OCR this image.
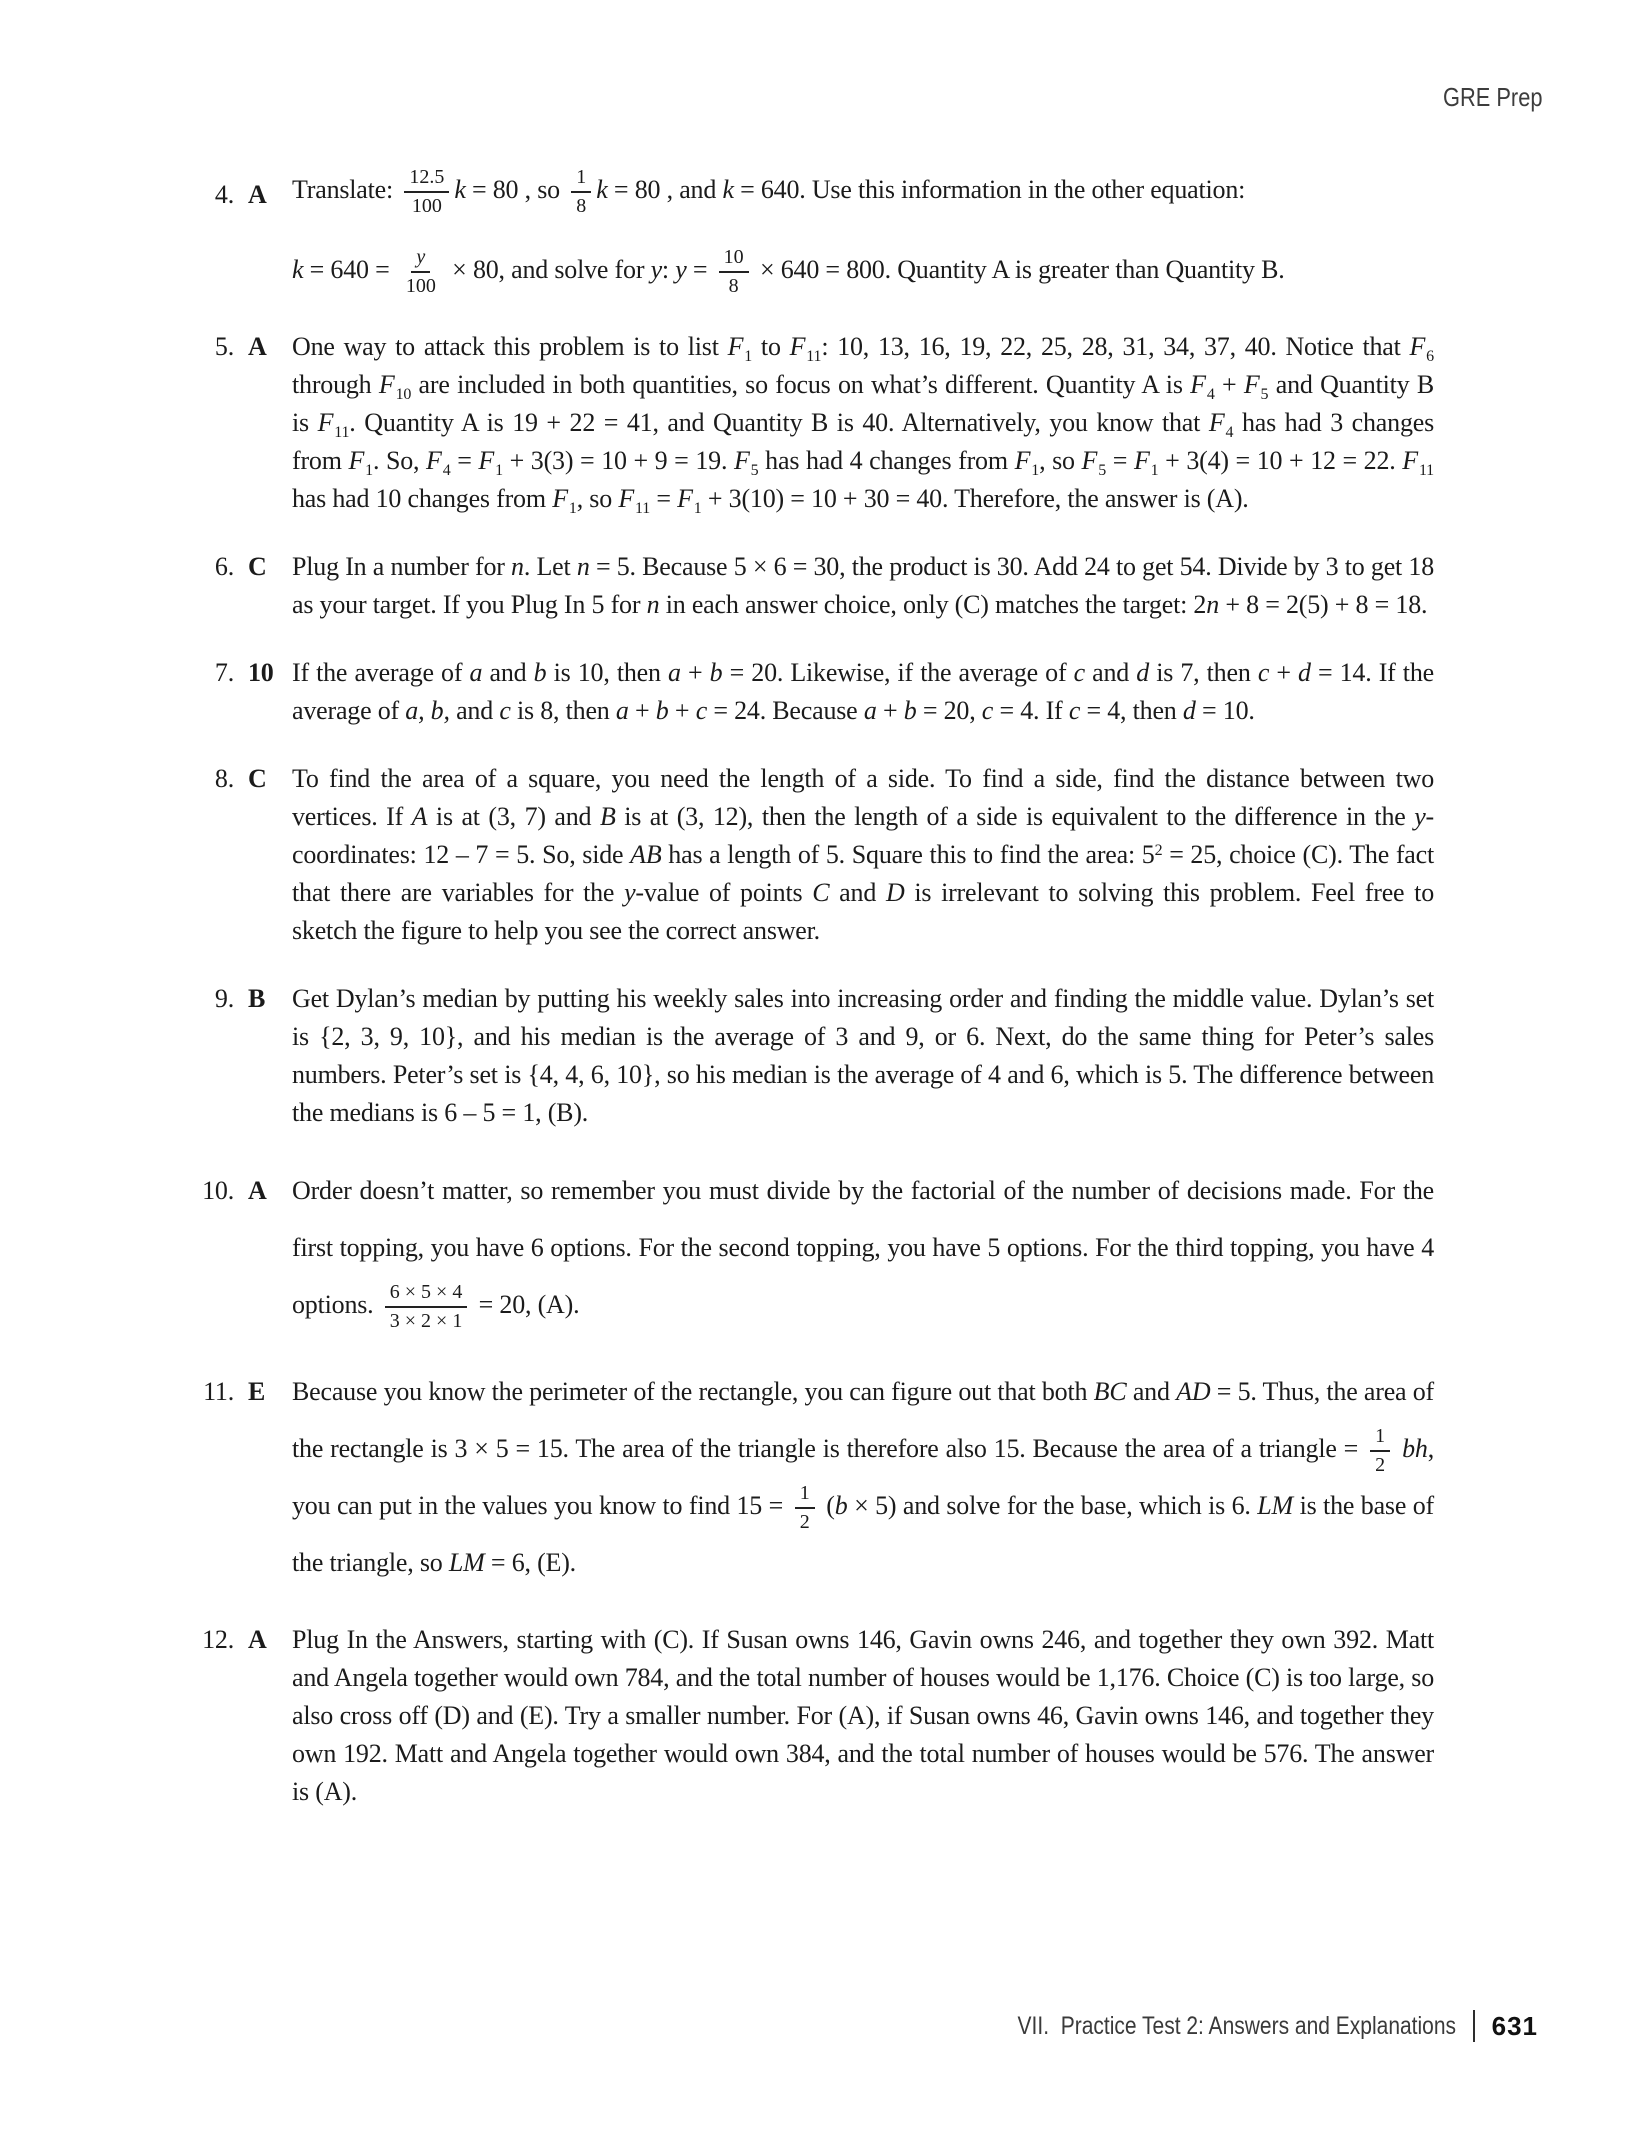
GRE Prep
4. A Translate: $\frac{12.5}{100}$ k = 80 , so $\frac{1}{8}$ k = 80 , and k = 640. Use this information in the other equation:

$k = 640 = \frac{y}{100} \times 80$, and solve for y: $y = \frac{10}{8} \times 640 = 800$. Quantity A is greater than Quantity B.

5. A One way to attack this problem is to list $F_1$ to $F_{11}$: 10, 13, 16, 19, 22, 25, 28, 31, 34, 37, 40. Notice that $F_6$ through $F_{10}$ are included in both quantities, so focus on what’s different. Quantity A is $F_4 + F_5$ and Quantity B is $F_{11}$. Quantity A is 19 + 22 = 41, and Quantity B is 40. Alternatively, you know that $F_4$ has had 3 changes from $F_1$. So, $F_4 = F_1 + 3(3) = 10 + 9 = 19$. $F_5$ has had 4 changes from $F_1$, so $F_5 = F_1 + 3(4) = 10 + 12 = 22$. $F_{11}$ has had 10 changes from $F_1$, so $F_{11} = F_1 + 3(10) = 10 + 30 = 40$. Therefore, the answer is (A).

6. C Plug In a number for n. Let n = 5. Because 5 × 6 = 30, the product is 30. Add 24 to get 54. Divide by 3 to get 18 as your target. If you Plug In 5 for n in each answer choice, only (C) matches the target: 2n + 8 = 2(5) + 8 = 18.

7. 10 If the average of a and b is 10, then a + b = 20. Likewise, if the average of c and d is 7, then c + d = 14. If the average of a, b, and c is 8, then a + b + c = 24. Because a + b = 20, c = 4. If c = 4, then d = 10.

8. C To find the area of a square, you need the length of a side. To find a side, find the distance between two vertices. If A is at (3, 7) and B is at (3, 12), then the length of a side is equivalent to the difference in the y-coordinates: 12 – 7 = 5. So, side AB has a length of 5. Square this to find the area: $5^2 = 25$, choice (C). The fact that there are variables for the y-value of points C and D is irrelevant to solving this problem. Feel free to sketch the figure to help you see the correct answer.

9. B	Get Dylan’s median by putting his weekly sales into increasing order and finding the middle value. Dylan’s set is {2, 3, 9, 10}, and his median is the average of 3 and 9, or 6. Next, do the same thing for Peter’s sales numbers. Peter’s set is {4, 4, 6, 10}, so his median is the average of 4 and 6, which is 5. The difference between the medians is 6 – 5 = 1, (B).

10. A Order doesn’t matter, so remember you must divide by the factorial of the number of decisions made. For the first topping, you have 6 options. For the second topping, you have 5 options. For the third topping, you have 4 options. $\frac{6 \times 5 \times 4}{3 \times 2 \times 1} = 20$, (A).

11. E	Because you know the perimeter of the rectangle, you can figure out that both BC and AD = 5. Thus, the area of the rectangle is 3 × 5 = 15. The area of the triangle is therefore also 15. Because the area of a triangle = $\frac{1}{2}$ bh, you can put in the values you know to find $15 = \frac{1}{2} (b \times 5)$ and solve for the base, which is 6. LM is the base of the triangle, so LM = 6, (E).

12. A Plug In the Answers, starting with (C). If Susan owns 146, Gavin owns 246, and together they own 392. Matt and Angela together would own 784, and the total number of houses would be 1,176. Choice (C) is too large, so also cross off (D) and (E). Try a smaller number. For (A), if Susan owns 46, Gavin owns 146, and together they own 192. Matt and Angela together would own 384, and the total number of houses would be 576. The answer is (A).

VII.  Practice Test 2: Answers and Explanations 631
